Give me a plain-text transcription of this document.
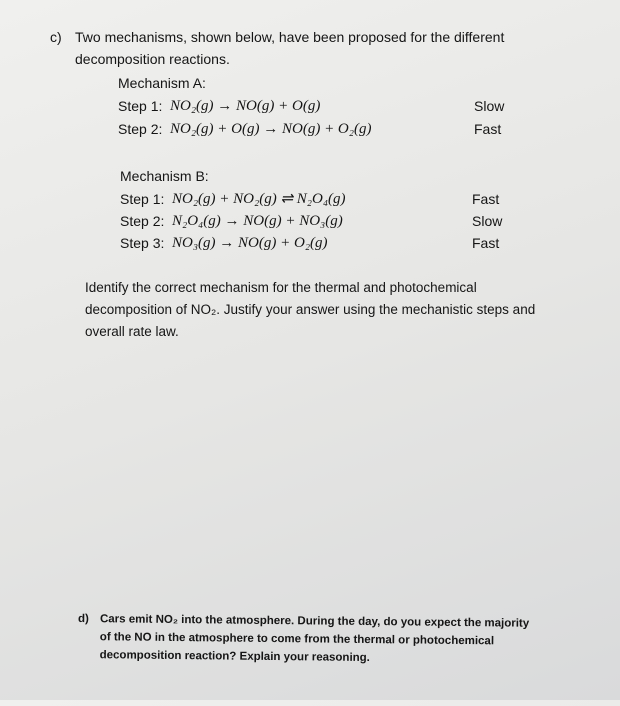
c) Two mechanisms, shown below, have been proposed for the different
decomposition reactions.
Mechanism A:
Step 1: NO₂(g) → NO(g) + O(g)	Slow
Step 2: NO₂(g) + O(g) → NO(g) + O₂(g)	Fast
Mechanism B:
Step 1: NO₂(g) + NO₂(g) ⇌ N₂O₄(g)	Fast
Step 2: N₂O₄(g) → NO(g) + NO₃(g)	Slow
Step 3: NO₃(g) → NO(g) + O₂(g)	Fast
Identify the correct mechanism for the thermal and photochemical
decomposition of NO₂. Justify your answer using the mechanistic steps and
overall rate law.
d) Cars emit NO₂ into the atmosphere. During the day, do you expect the majority
of the NO in the atmosphere to come from the thermal or photochemical
decomposition reaction? Explain your reasoning.
